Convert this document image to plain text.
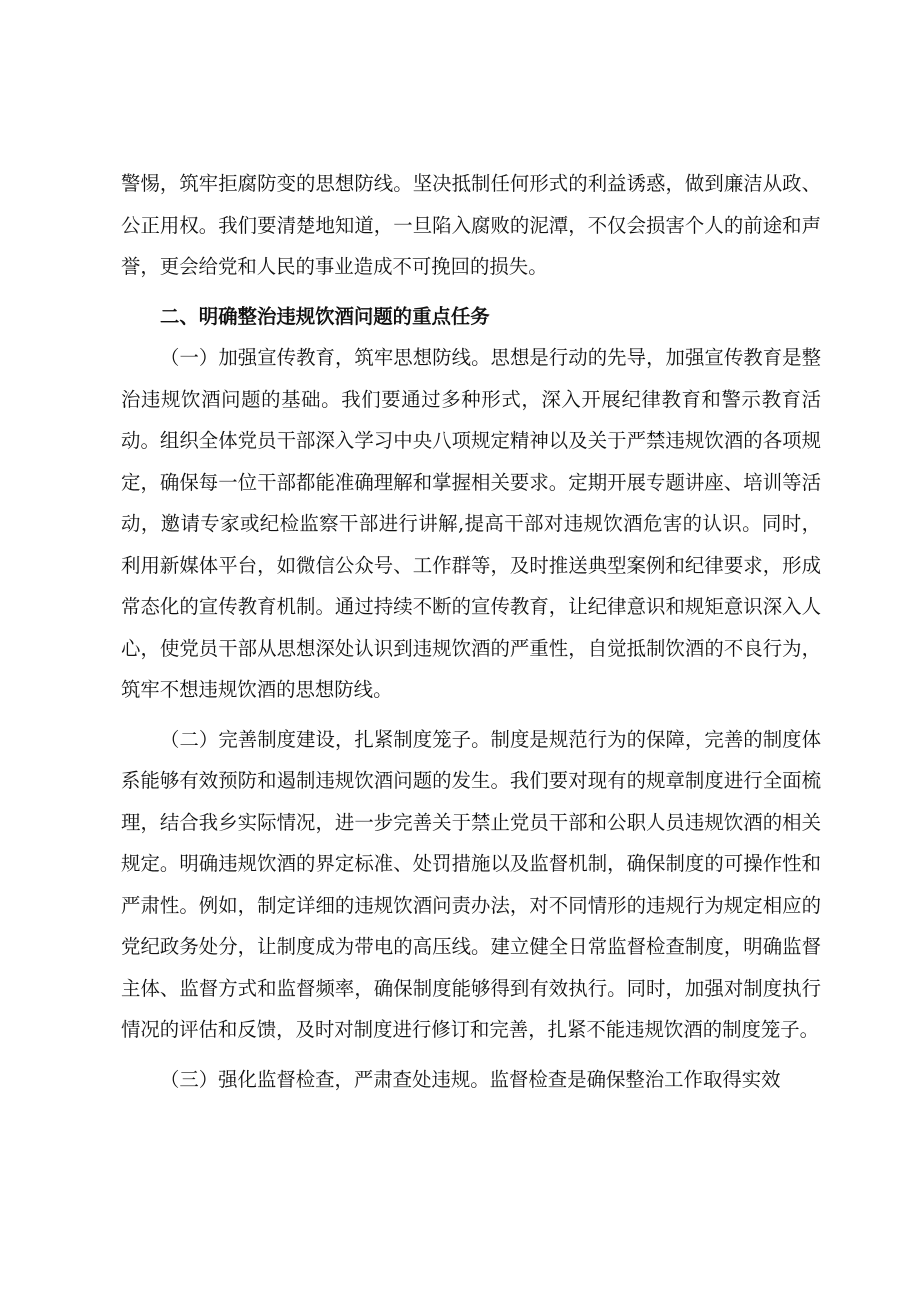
警惕，筑牢拒腐防变的思想防线。坚决抵制任何形式的利益诱惑，做到廉洁从政、公正用权。我们要清楚地知道，一旦陷入腐败的泥潭，不仅会损害个人的前途和声誉，更会给党和人民的事业造成不可挽回的损失。

二、明确整治违规饮酒问题的重点任务

（一）加强宣传教育，筑牢思想防线。思想是行动的先导，加强宣传教育是整治违规饮酒问题的基础。我们要通过多种形式，深入开展纪律教育和警示教育活动。组织全体党员干部深入学习中央八项规定精神以及关于严禁违规饮酒的各项规定，确保每一位干部都能准确理解和掌握相关要求。定期开展专题讲座、培训等活动，邀请专家或纪检监察干部进行讲解,提高干部对违规饮酒危害的认识。同时，利用新媒体平台，如微信公众号、工作群等，及时推送典型案例和纪律要求，形成常态化的宣传教育机制。通过持续不断的宣传教育，让纪律意识和规矩意识深入人心，使党员干部从思想深处认识到违规饮酒的严重性，自觉抵制饮酒的不良行为，筑牢不想违规饮酒的思想防线。

（二）完善制度建设，扎紧制度笼子。制度是规范行为的保障，完善的制度体系能够有效预防和遏制违规饮酒问题的发生。我们要对现有的规章制度进行全面梳理，结合我乡实际情况，进一步完善关于禁止党员干部和公职人员违规饮酒的相关规定。明确违规饮酒的界定标准、处罚措施以及监督机制，确保制度的可操作性和严肃性。例如，制定详细的违规饮酒问责办法，对不同情形的违规行为规定相应的党纪政务处分，让制度成为带电的高压线。建立健全日常监督检查制度，明确监督主体、监督方式和监督频率，确保制度能够得到有效执行。同时，加强对制度执行情况的评估和反馈，及时对制度进行修订和完善，扎紧不能违规饮酒的制度笼子。

（三）强化监督检查，严肃查处违规。监督检查是确保整治工作取得实效
